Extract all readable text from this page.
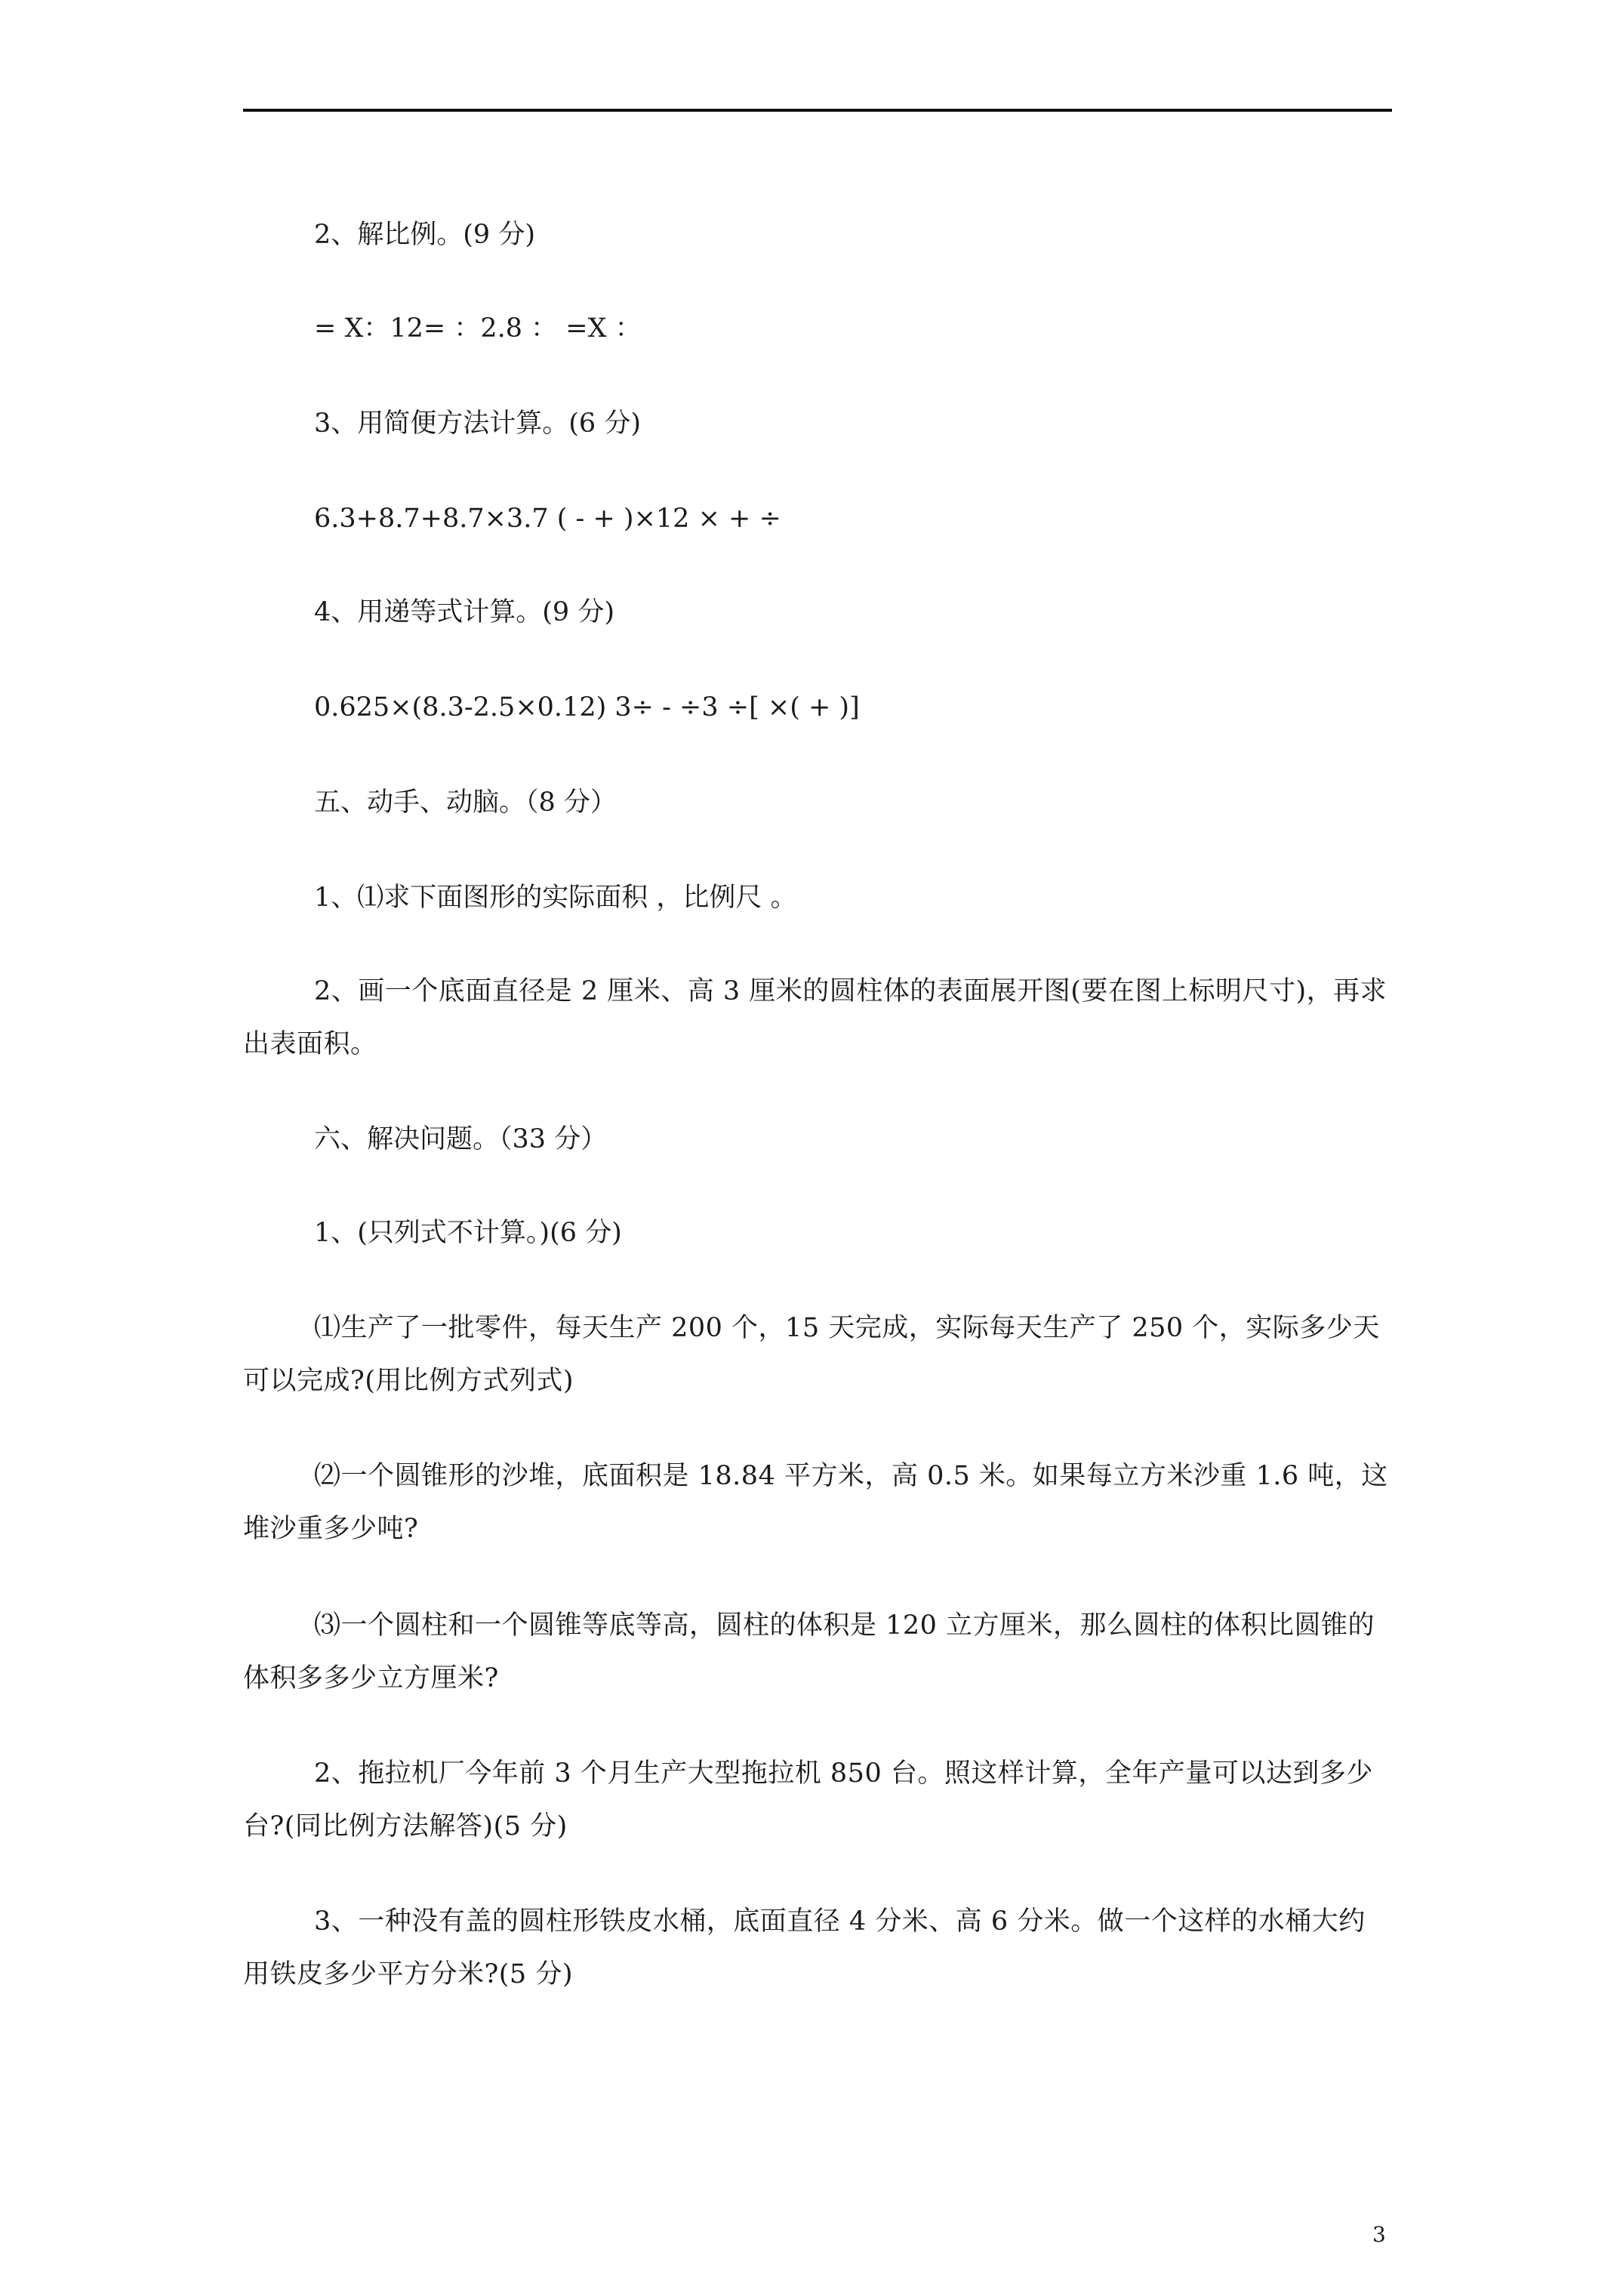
2、解比例。(9 分)
= X：12= ：2.8 ： =X ：
3、用简便方法计算。(6 分)
6.3+8.7+8.7×3.7 ( - + )×12 × + ÷
4、用递等式计算。(9 分)
0.625×(8.3-2.5×0.12) 3÷ - ÷3 ÷[ ×( + )]
五、动手、动脑。（8 分）
1、⑴求下面图形的实际面积 ，比例尺 。
2、画一个底面直径是 2 厘米、高 3 厘米的圆柱体的表面展开图(要在图上标明尺寸)，再求出表面积。
六、解决问题。（33 分）
1、(只列式不计算。)(6 分)
⑴生产了一批零件，每天生产 200 个，15 天完成，实际每天生产了 250 个，实际多少天可以完成?(用比例方式列式)
⑵一个圆锥形的沙堆，底面积是 18.84 平方米，高 0.5 米。如果每立方米沙重 1.6 吨，这堆沙重多少吨?
⑶一个圆柱和一个圆锥等底等高，圆柱的体积是 120 立方厘米，那么圆柱的体积比圆锥的体积多多少立方厘米?
2、拖拉机厂今年前 3 个月生产大型拖拉机 850 台。照这样计算，全年产量可以达到多少台?(同比例方法解答)(5 分)
3、一种没有盖的圆柱形铁皮水桶，底面直径 4 分米、高 6 分米。做一个这样的水桶大约用铁皮多少平方分米?(5 分)
3
